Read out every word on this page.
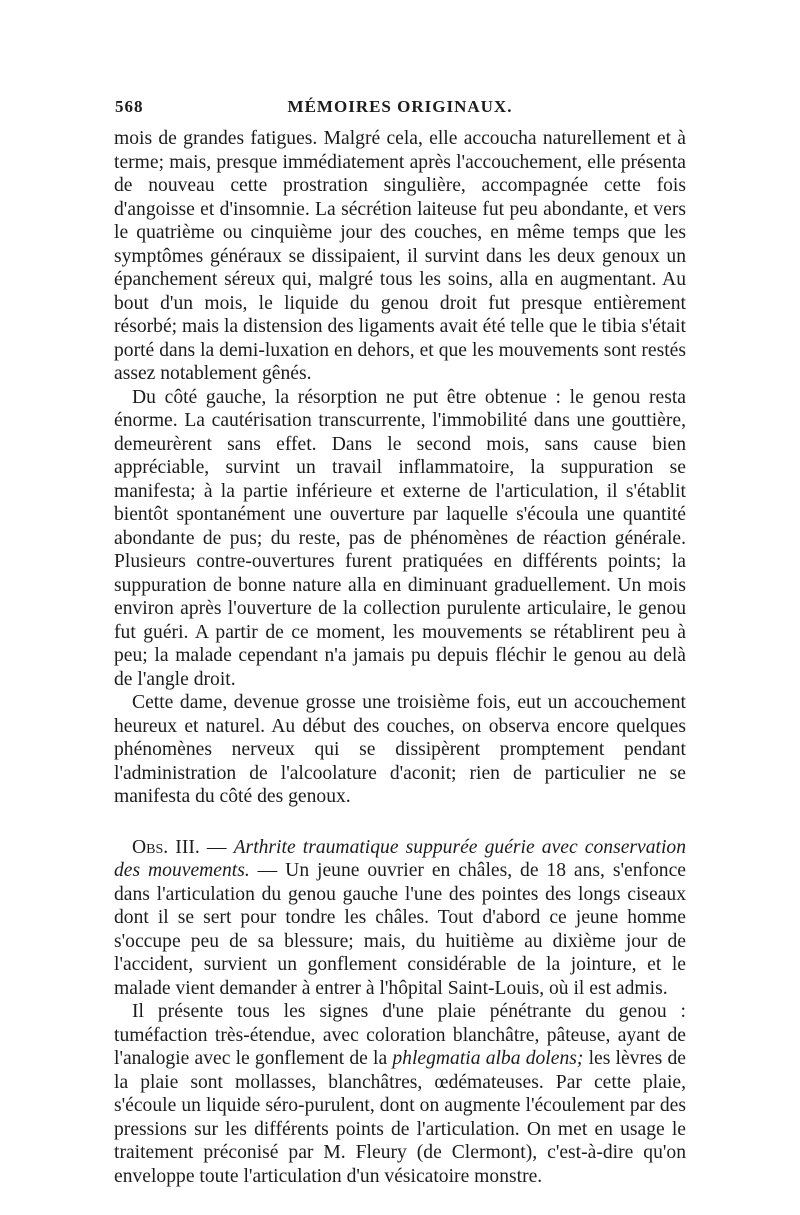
568	MÉMOIRES ORIGINAUX.

mois de grandes fatigues. Malgré cela, elle accoucha naturellement et à terme; mais, presque immédiatement après l'accouchement, elle présenta de nouveau cette prostration singulière, accompagnée cette fois d'angoisse et d'insomnie. La sécrétion laiteuse fut peu abondante, et vers le quatrième ou cinquième jour des couches, en même temps que les symptômes généraux se dissipaient, il survint dans les deux genoux un épanchement séreux qui, malgré tous les soins, alla en augmentant. Au bout d'un mois, le liquide du genou droit fut presque entièrement résorbé; mais la distension des ligaments avait été telle que le tibia s'était porté dans la demi-luxation en dehors, et que les mouvements sont restés assez notablement gênés.

Du côté gauche, la résorption ne put être obtenue : le genou resta énorme. La cautérisation transcurrente, l'immobilité dans une gouttière, demeurèrent sans effet. Dans le second mois, sans cause bien appréciable, survint un travail inflammatoire, la suppuration se manifesta; à la partie inférieure et externe de l'articulation, il s'établit bientôt spontanément une ouverture par laquelle s'écoula une quantité abondante de pus; du reste, pas de phénomènes de réaction générale. Plusieurs contre-ouvertures furent pratiquées en différents points; la suppuration de bonne nature alla en diminuant graduellement. Un mois environ après l'ouverture de la collection purulente articulaire, le genou fut guéri. A partir de ce moment, les mouvements se rétablirent peu à peu; la malade cependant n'a jamais pu depuis fléchir le genou au delà de l'angle droit.

Cette dame, devenue grosse une troisième fois, eut un accouchement heureux et naturel. Au début des couches, on observa encore quelques phénomènes nerveux qui se dissipèrent promptement pendant l'administration de l'alcoolature d'aconit; rien de particulier ne se manifesta du côté des genoux.

Obs. III. — Arthrite traumatique suppurée guérie avec conservation des mouvements. — Un jeune ouvrier en châles, de 18 ans, s'enfonce dans l'articulation du genou gauche l'une des pointes des longs ciseaux dont il se sert pour tondre les châles. Tout d'abord ce jeune homme s'occupe peu de sa blessure; mais, du huitième au dixième jour de l'accident, survient un gonflement considérable de la jointure, et le malade vient demander à entrer à l'hôpital Saint-Louis, où il est admis.

Il présente tous les signes d'une plaie pénétrante du genou : tuméfaction très-étendue, avec coloration blanchâtre, pâteuse, ayant de l'analogie avec le gonflement de la phlegmatia alba dolens; les lèvres de la plaie sont mollasses, blanchâtres, œdémateuses. Par cette plaie, s'écoule un liquide séro-purulent, dont on augmente l'écoulement par des pressions sur les différents points de l'articulation. On met en usage le traitement préconisé par M. Fleury (de Clermont), c'est-à-dire qu'on enveloppe toute l'articulation d'un vésicatoire monstre.
